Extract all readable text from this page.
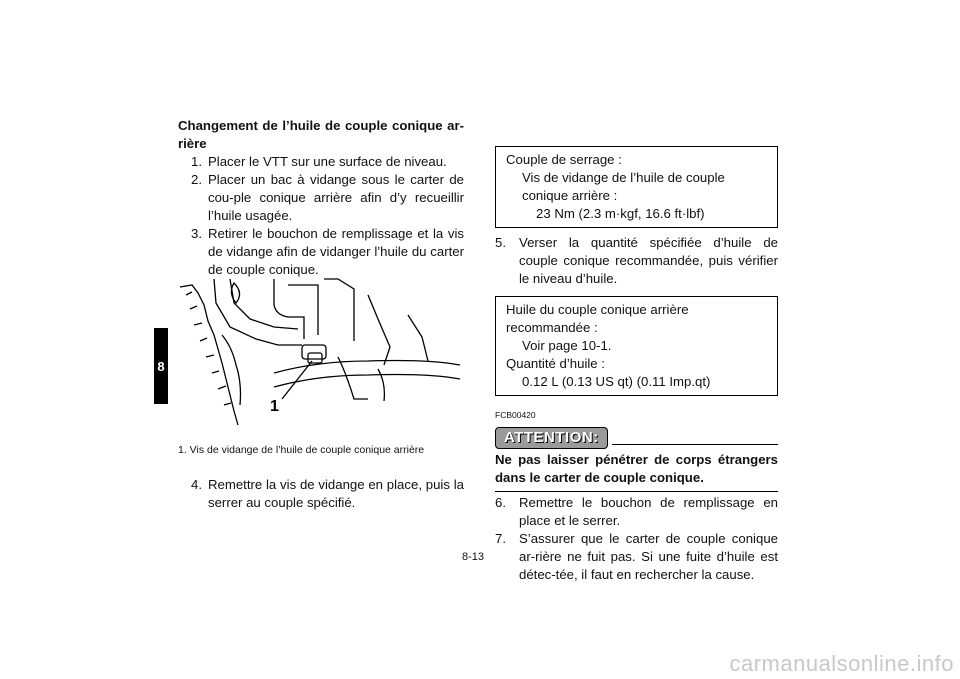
8
Changement de l’huile de couple conique ar-rière
1. Placer le VTT sur une surface de niveau.
2. Placer un bac à vidange sous le carter de cou-ple conique arrière afin d’y recueillir l’huile usagée.
3. Retirer le bouchon de remplissage et la vis de vidange afin de vidanger l’huile du carter de couple conique.
1
1. Vis de vidange de l’huile de couple conique arrière
4. Remettre la vis de vidange en place, puis la serrer au couple spécifié.
Couple de serrage :
Vis de vidange de l’huile de couple conique arrière :
23 Nm (2.3 m·kgf, 16.6 ft·lbf)
5. Verser la quantité spécifiée d’huile de couple conique recommandée, puis vérifier le niveau d’huile.
Huile du couple conique arrière recommandée :
Voir page 10-1.
Quantité d’huile :
0.12 L (0.13 US qt) (0.11 Imp.qt)
FCB00420
ATTENTION:
Ne pas laisser pénétrer de corps étrangers dans le carter de couple conique.
6. Remettre le bouchon de remplissage en place et le serrer.
7. S’assurer que le carter de couple conique ar-rière ne fuit pas. Si une fuite d’huile est détec-tée, il faut en rechercher la cause.
8-13
carmanualsonline.info
